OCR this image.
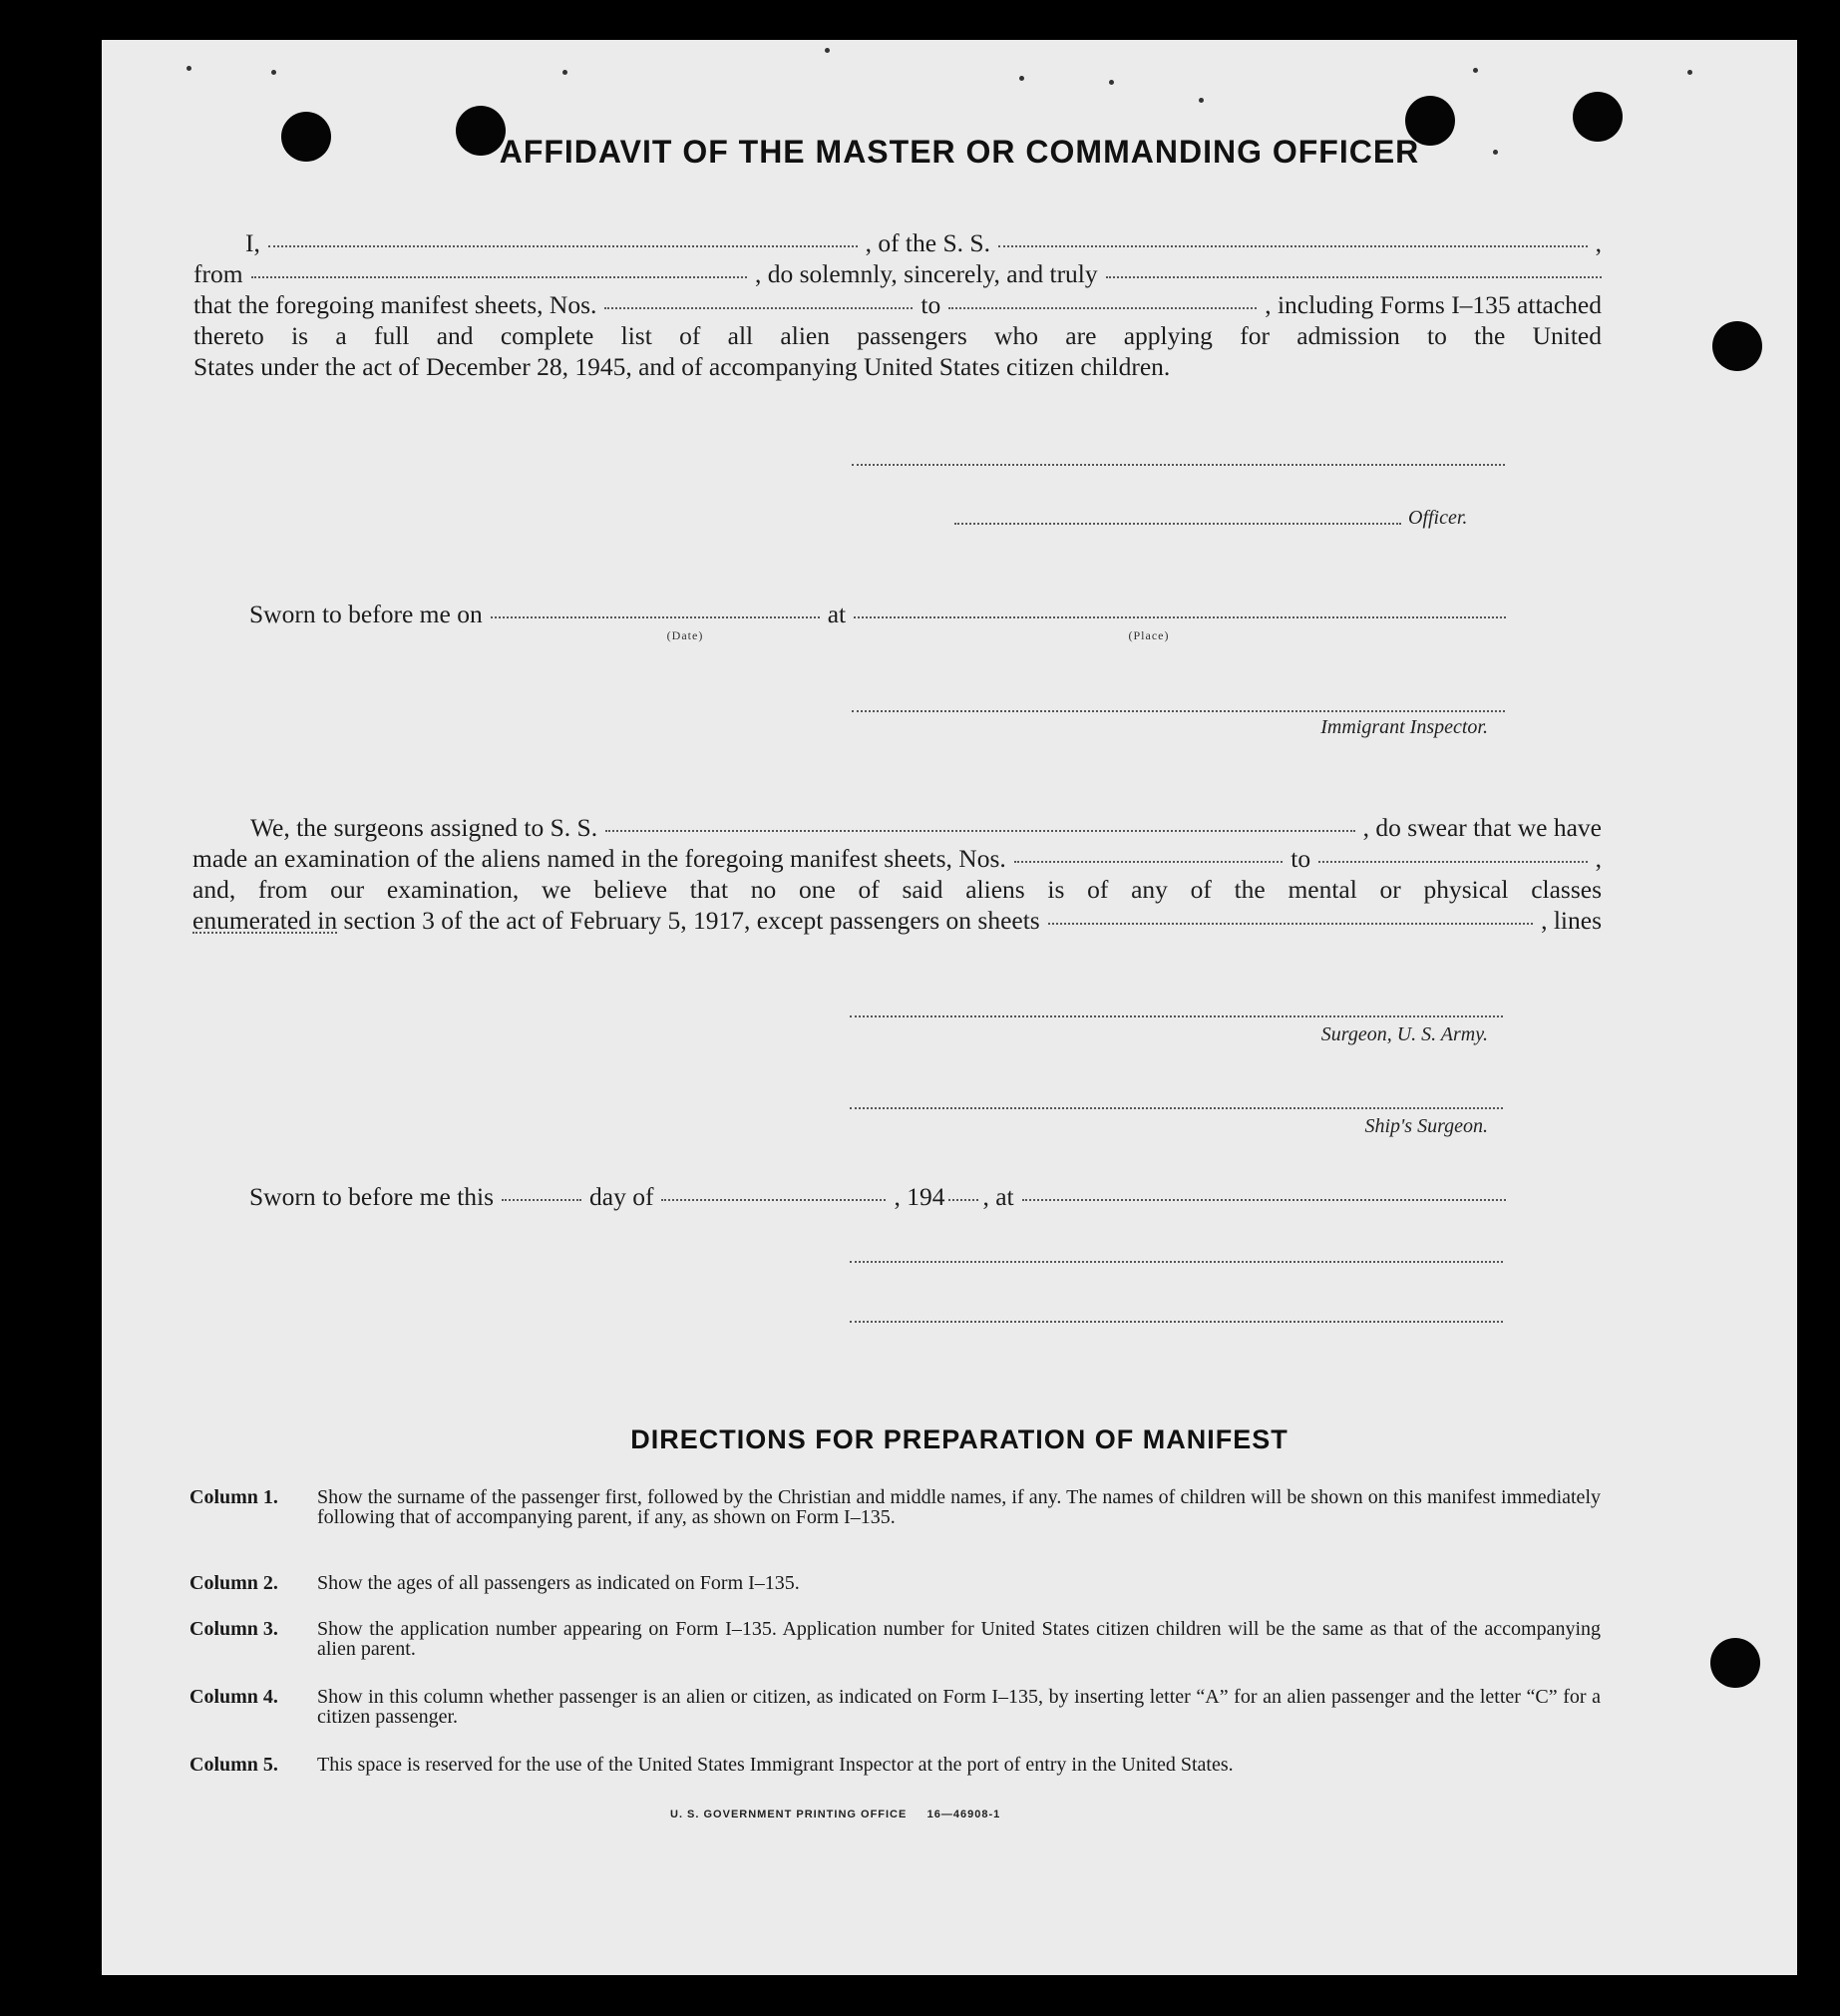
AFFIDAVIT OF THE MASTER OR COMMANDING OFFICER
I,	, of the S. S.	,
from	, do solemnly, sincerely, and truly
that the foregoing manifest sheets, Nos.	to	, including Forms I–135 attached
thereto is a full and complete list of all alien passengers who are applying for admission to the United
States under the act of December 28, 1945, and of accompanying United States citizen children.
Officer.
Sworn to before me on	at
(Date)	(Place)
Immigrant Inspector.
We, the surgeons assigned to S. S.	, do swear that we have
made an examination of the aliens named in the foregoing manifest sheets, Nos.	to	,
and, from our examination, we believe that no one of said aliens is of any of the mental or physical classes
enumerated in section 3 of the act of February 5, 1917, except passengers on sheets	, lines
Surgeon, U. S. Army.
Ship's Surgeon.
Sworn to before me this	day of	, 194 , at
DIRECTIONS FOR PREPARATION OF MANIFEST
Column 1.	Show the surname of the passenger first, followed by the Christian and middle names, if any. The names of children will be shown on this manifest immediately following that of accompanying parent, if any, as shown on Form I–135.
Column 2.	Show the ages of all passengers as indicated on Form I–135.
Column 3.	Show the application number appearing on Form I–135. Application number for United States citizen children will be the same as that of the accompanying alien parent.
Column 4.	Show in this column whether passenger is an alien or citizen, as indicated on Form I–135, by inserting letter “A” for an alien passenger and the letter “C” for a citizen passenger.
Column 5.	This space is reserved for the use of the United States Immigrant Inspector at the port of entry in the United States.
U. S. GOVERNMENT PRINTING OFFICE     16—46908-1
